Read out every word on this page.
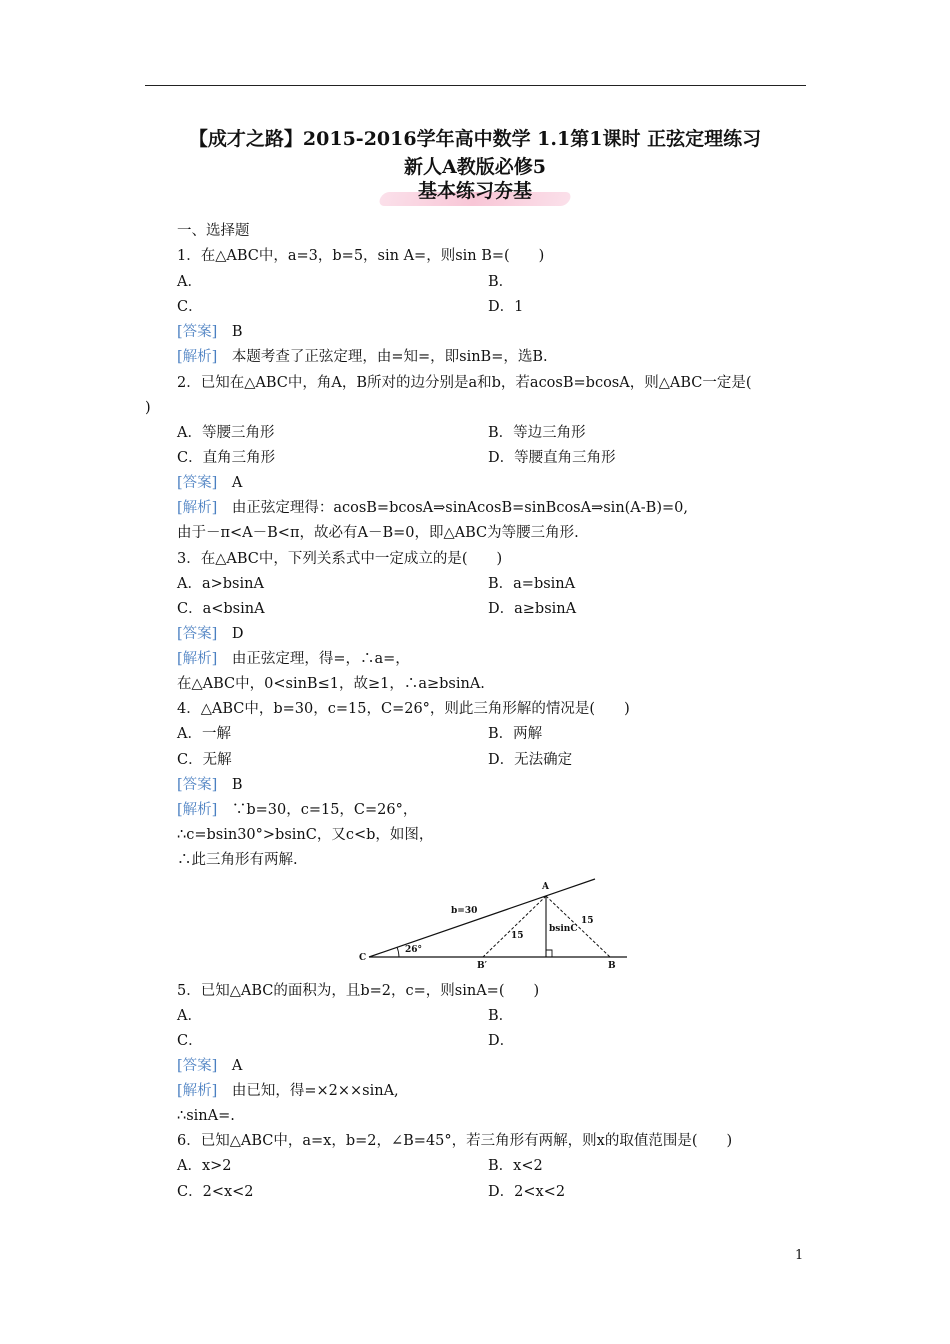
【成才之路】2015-2016学年高中数学 1.1第1课时 正弦定理练习
新人A教版必修5
基本练习夯基
一、选择题
1．在△ABC中，a=3，b=5，sin A=，则sin B=(　　)
A．	B．
C．	D．1
[答案]　 B
[解析]　 本题考查了正弦定理，由=知=，即sinB=，选B.
2．已知在△ABC中，角A，B所对的边分别是a和b，若acosB=bcosA，则△ABC一定是(
)
A．等腰三角形	B．等边三角形
C．直角三角形	D．等腰直角三角形
[答案]　 A
[解析]　 由正弦定理得：acosB=bcosA⇒sinAcosB=sinBcosA⇒sin(A-B)=0,
由于－π<A－B<π，故必有A－B=0，即△ABC为等腰三角形.
3．在△ABC中，下列关系式中一定成立的是(　　)
A．a>bsinA	B．a=bsinA
C．a<bsinA	D．a≥bsinA
[答案]　 D
[解析]　 由正弦定理，得=，∴a=，
在△ABC中，0<sinB≤1，故≥1，∴a≥bsinA.
4．△ABC中，b=30，c=15，C=26°，则此三角形解的情况是(　　)
A．一解	B．两解
C．无解	D．无法确定
[答案]　 B
[解析]　 ∵b=30，c=15，C=26°，
∴c=bsin30°>bsinC，又c<b，如图，
∴此三角形有两解.
b=30
26°
15
15
bsinC
A
B
B′
C
5．已知△ABC的面积为，且b=2，c=，则sinA=(　　)
A．	B．
C．	D．
[答案]　 A
[解析]　 由已知，得=×2××sinA,
∴sinA=.
6．已知△ABC中，a=x，b=2，∠B=45°，若三角形有两解，则x的取值范围是(　　)
A．x>2	B．x<2
C．2<x<2	D．2<x<2
1
